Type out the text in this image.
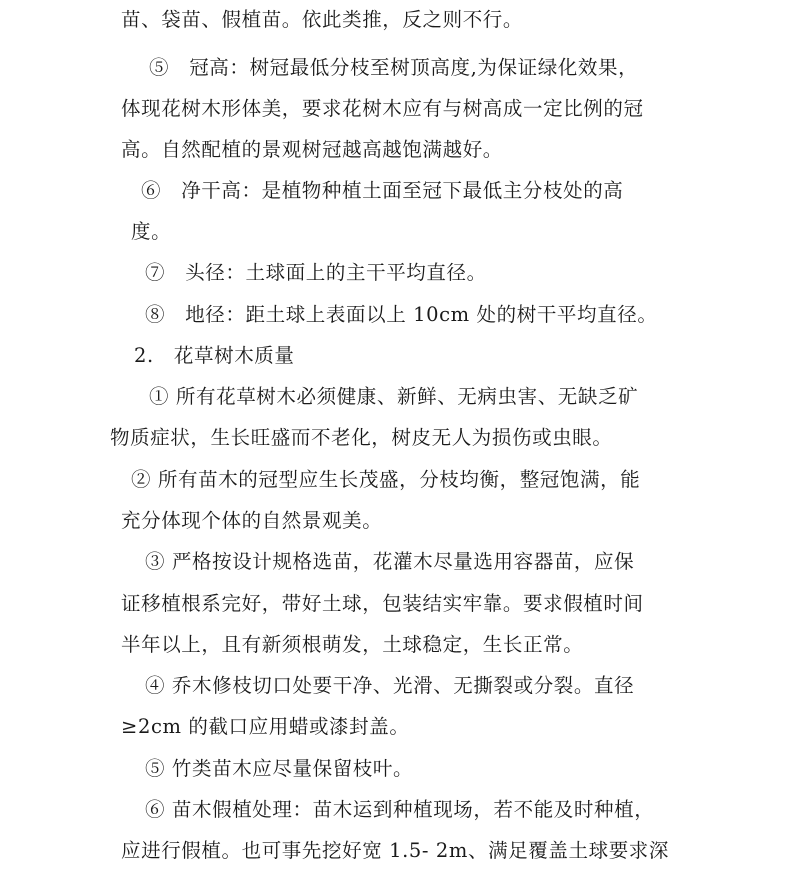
苗、袋苗、假植苗。依此类推，反之则不行。
⑤　冠高：树冠最低分枝至树顶高度,为保证绿化效果，
体现花树木形体美，要求花树木应有与树高成一定比例的冠
高。自然配植的景观树冠越高越饱满越好。
⑥　净干高：是植物种植土面至冠下最低主分枝处的高
度。
⑦　头径：土球面上的主干平均直径。
⑧　地径：距土球上表面以上 10cm 处的树干平均直径。
2.　花草树木质量
① 所有花草树木必须健康、新鲜、无病虫害、无缺乏矿
物质症状，生长旺盛而不老化，树皮无人为损伤或虫眼。
② 所有苗木的冠型应生长茂盛，分枝均衡，整冠饱满，能
充分体现个体的自然景观美。
③ 严格按设计规格选苗，花灌木尽量选用容器苗，应保
证移植根系完好，带好土球，包装结实牢靠。要求假植时间
半年以上，且有新须根萌发，土球稳定，生长正常。
④ 乔木修枝切口处要干净、光滑、无撕裂或分裂。直径
≥2cm 的截口应用蜡或漆封盖。
⑤ 竹类苗木应尽量保留枝叶。
⑥ 苗木假植处理：苗木运到种植现场，若不能及时种植，
应进行假植。也可事先挖好宽 1.5- 2m、满足覆盖土球要求深
